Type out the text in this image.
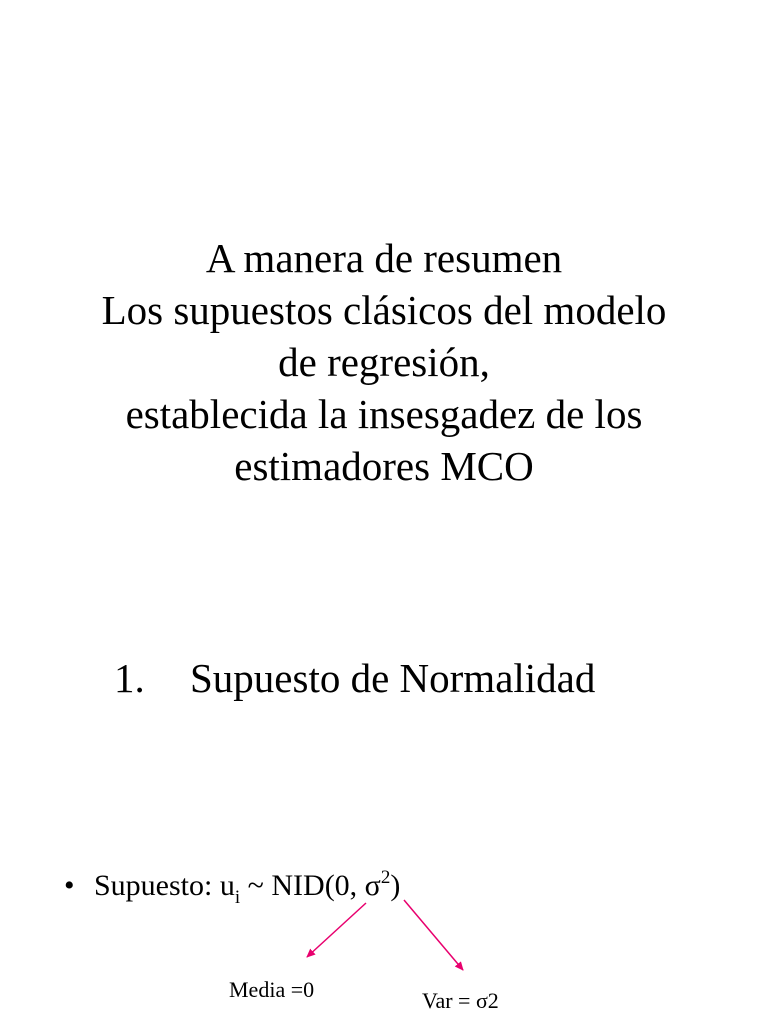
A manera de resumen
Los supuestos clásicos del modelo
de regresión,
establecida la insesgadez de los
estimadores MCO
1. Supuesto de Normalidad
• Supuesto: $u_i$ ~ NID(0, $\sigma^2$)
Media =0	Var = σ2
